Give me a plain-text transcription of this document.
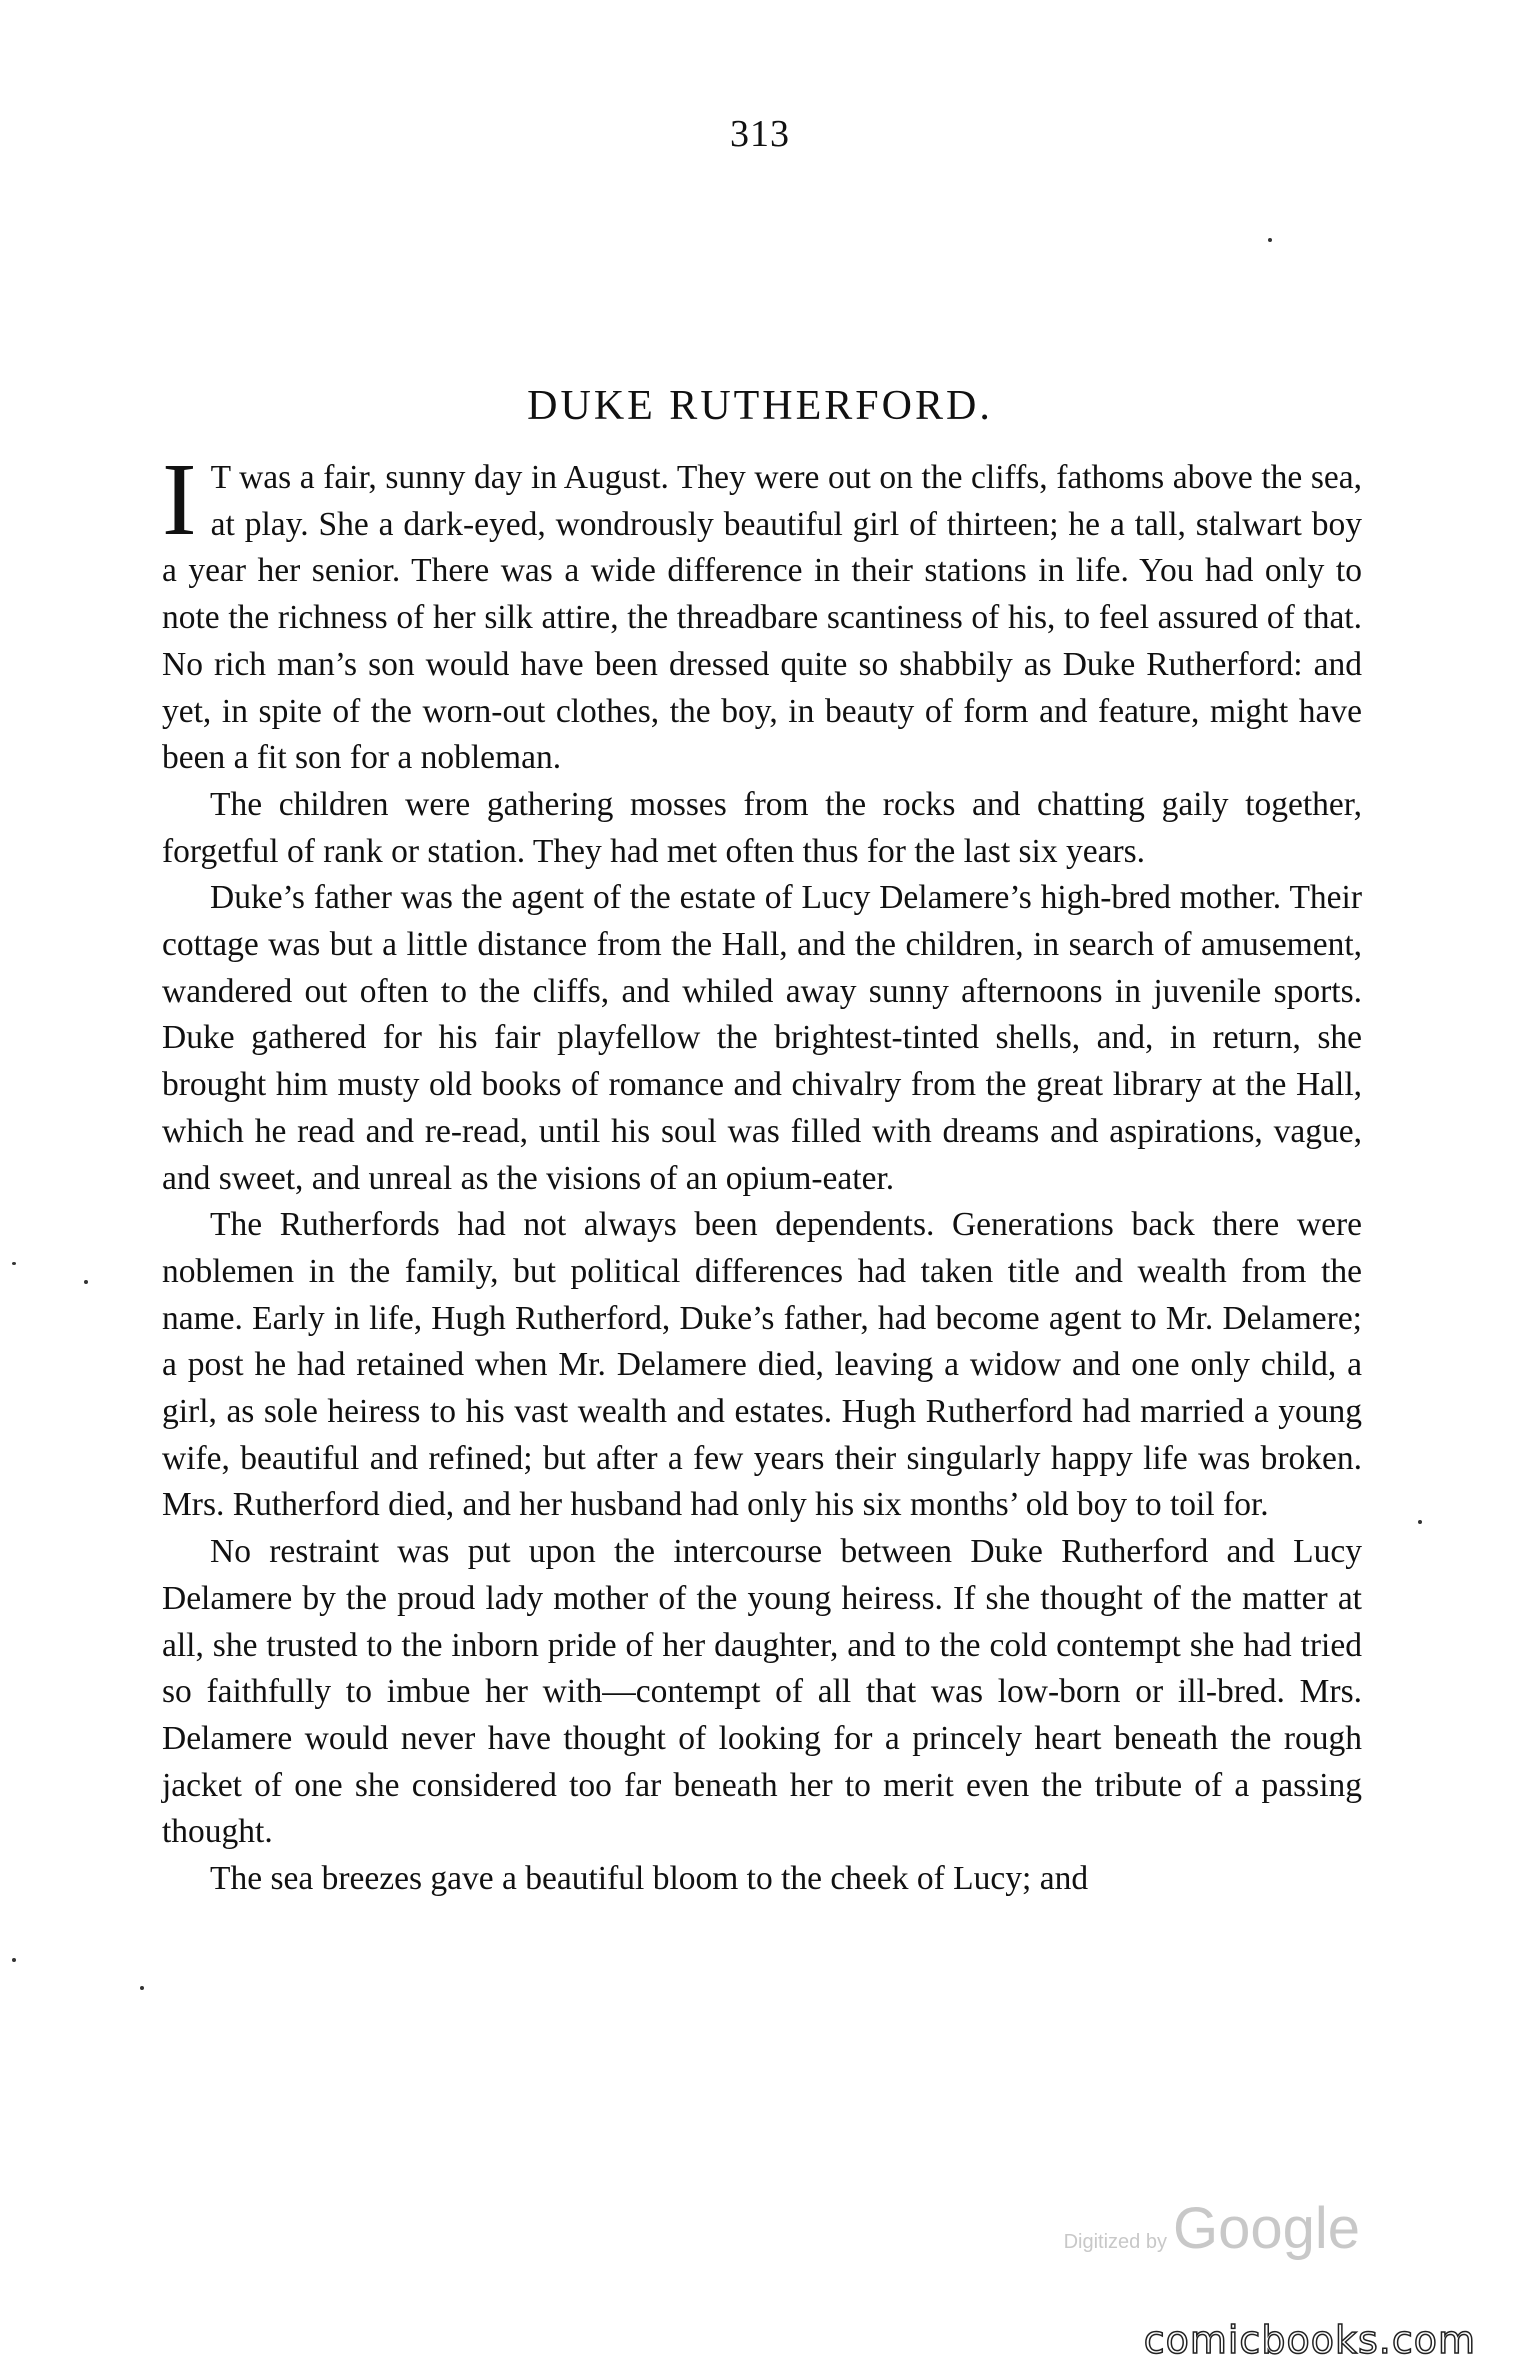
313
DUKE RUTHERFORD.

I T was a fair, sunny day in August. They were out on the cliffs, fathoms above the sea, at play. She a dark-eyed, wondrously beautiful girl of thirteen; he a tall, stalwart boy a year her senior. There was a wide difference in their stations in life. You had only to note the richness of her silk attire, the threadbare scantiness of his, to feel assured of that. No rich man’s son would have been dressed quite so shabbily as Duke Rutherford: and yet, in spite of the worn-out clothes, the boy, in beauty of form and feature, might have been a fit son for a nobleman.

The children were gathering mosses from the rocks and chatting gaily together, forgetful of rank or station. They had met often thus for the last six years.

Duke’s father was the agent of the estate of Lucy Delamere’s high-bred mother. Their cottage was but a little distance from the Hall, and the children, in search of amusement, wandered out often to the cliffs, and whiled away sunny afternoons in juvenile sports. Duke gathered for his fair playfellow the brightest-tinted shells, and, in return, she brought him musty old books of romance and chivalry from the great library at the Hall, which he read and re-read, until his soul was filled with dreams and aspirations, vague, and sweet, and unreal as the visions of an opium-eater.

The Rutherfords had not always been dependents. Generations back there were noblemen in the family, but political differences had taken title and wealth from the name. Early in life, Hugh Rutherford, Duke’s father, had become agent to Mr. Delamere; a post he had retained when Mr. Delamere died, leaving a widow and one only child, a girl, as sole heiress to his vast wealth and estates. Hugh Rutherford had married a young wife, beautiful and refined; but after a few years their singularly happy life was broken. Mrs. Rutherford died, and her husband had only his six months’ old boy to toil for.

No restraint was put upon the intercourse between Duke Rutherford and Lucy Delamere by the proud lady mother of the young heiress. If she thought of the matter at all, she trusted to the inborn pride of her daughter, and to the cold contempt she had tried so faithfully to imbue her with—contempt of all that was low-born or ill-bred. Mrs. Delamere would never have thought of looking for a princely heart beneath the rough jacket of one she considered too far beneath her to merit even the tribute of a passing thought.

The sea breezes gave a beautiful bloom to the cheek of Lucy; and

Digitized by Google
comicbooks.com
